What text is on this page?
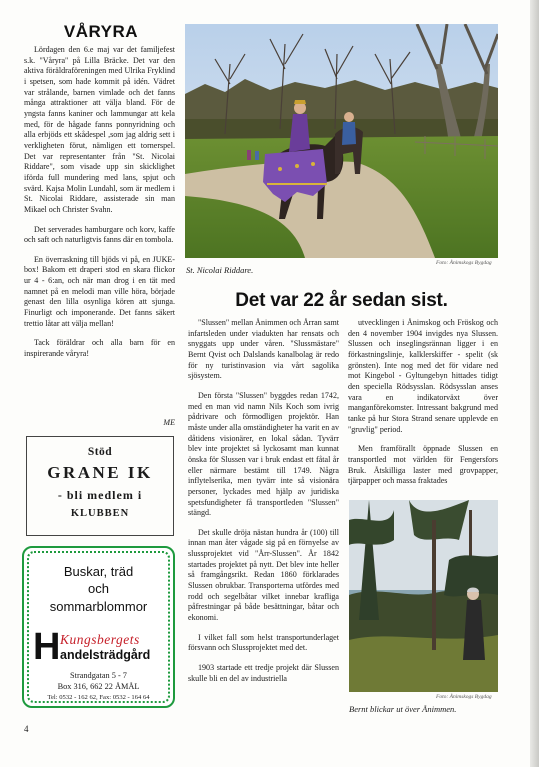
VÅRYRA

Lördagen den 6.e maj var det familjefest s.k. "Våryra" på Lilla Bräcke. Det var den aktiva föräldraföreningen med Ulrika Fryklind i spetsen, som hade kommit på idén. Vädret var strålande, barnen vimlade och det fanns många attraktioner att välja bland. För de yngsta fanns kaniner och lammungar att kela med, för de hågade fanns ponnyridning och alla erbjöds ett skådespel ,som jag aldrig sett i verkligheten förut, nämligen ett tornerspel. Det var representanter från "St. Nicolai Riddare", som visade upp sin skicklighet iförda full mundering med lans, spjut och svärd. Kajsa Molin Lundahl, som är medlem i St. Nicolai Riddare, assisterade sin man Mikael och Christer Svahn.

Det serverades hamburgare och korv, kaffe och saft och naturligtvis fanns där en tombola.

En överraskning till bjöds vi på, en JUKE-box! Bakom ett draperi stod en skara flickor ur 4 - 6:an, och när man drog i en tät med namnet på en melodi man ville höra, började genast den lilla osynliga kören att sjunga. Finurligt och imponerande. Det fanns säkert trettio låtar att välja mellan!

Tack föräldrar och alla barn för en inspirerande våryra!

ME
Stöd
GRANE IK
- bli medlem i
KLUBBEN
Buskar, träd
och
sommarblommor
H Kungsbergets
andelsträdgård
Strandgatan 5 - 7
Box 316, 662 22 ÅMÅL
Tel: 0532 - 162 62, Fax: 0532 - 164 64
4
Foto: Ånimskogs Bygdag
St. Nicolai Riddare.
Det var 22 år sedan sist.

"Slussen" mellan Ånimmen och Årran samt infartsleden under viadukten har rensats och snyggats upp under våren. "Slussmästare" Bernt Qvist och Dalslands kanalbolag är redo för ny turistinvasion via vårt sagolika sjösystem.

Den första "Slussen" byggdes redan 1742, med en man vid namn Nils Koch som ivrig pådrivare och förmodligen projektör. Han måste under alla omständigheter ha varit en av dåtidens visionärer, en lokal sådan. Tyvärr blev inte projektet så lyckosamt man kunnat önska för Slussen var i bruk endast ett fåtal år eller närmare bestämt till 1749. Några inflytelserika, men tyvärr inte så visionära personer, lyckades med hjälp av juridiska spetsfundigheter få transportleden "Slussen" stängd.

Det skulle dröja nästan hundra år (100) till innan man åter vågade sig på en förnyelse av slussprojektet vid "Årr-Slussen". År 1842 startades projektet på nytt. Det blev inte heller så framgångsrikt. Redan 1860 förklarades Slussen obrukbar. Transporterna utfördes med rodd och segelbåtar vilket innebar krafliga påfrestningar på både besättningar, båtar och ekonomi.

I vilket fall som helst transportunderlaget försvann och Slussprojektet med det.

1903 startade ett tredje projekt där Slussen skulle bli en del av industriella

utvecklingen i Ånimskog och Fröskog och den 4 november 1904 invigdes nya Slussen. Slussen och inseglingsrännan ligger i en förkastningslinje, kalklerskiffer - spelit (sk grönsten). Inte nog med det för vidare ned mot Kingebol - Gyltungebyn hittades tidigt den speciella Rödsysslan. Rödsysslan anses vara en indikatorväxt över manganförekomster. Intressant bakgrund med tanke på hur Stora Strand senare upplevde en "gruvlig" period.

Men framförallt öppnade Slussen en transportled mot världen för Fengersfors Bruk. Åtskilliga laster med grovpapper, tjärpapper och massa fraktades

Foto: Ånimskogs Bygdag
Bernt blickar ut över Ånimmen.
